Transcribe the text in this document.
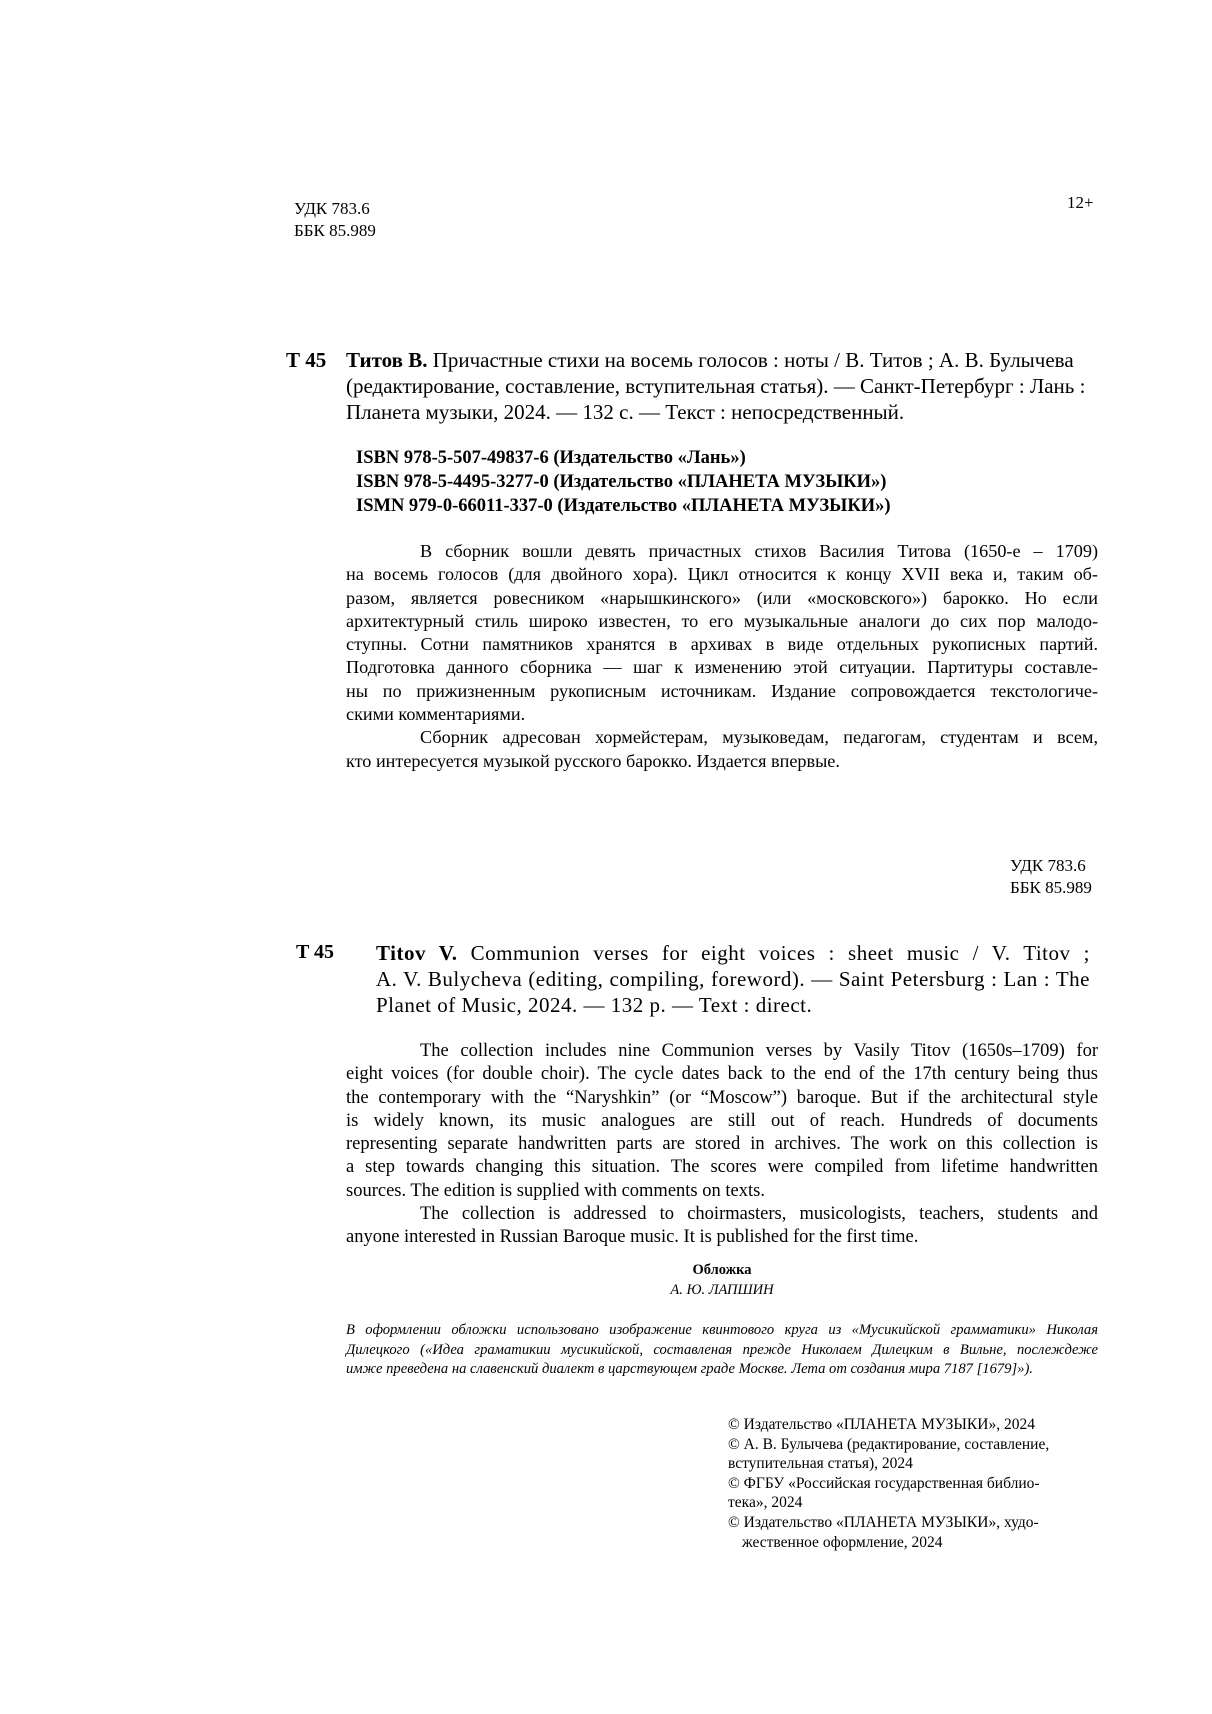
УДК 783.6
ББК 85.989
12+
Т 45 Титов В. Причастные стихи на восемь голосов : ноты / В. Титов ; А. В. Булычева
(редактирование, составление, вступительная статья). — Санкт-Петербург : Лань :
Планета музыки, 2024. — 132 с. — Текст : непосредственный.
ISBN 978-5-507-49837-6 (Издательство «Лань»)
ISBN 978-5-4495-3277-0 (Издательство «ПЛАНЕТА МУЗЫКИ»)
ISMN 979-0-66011-337-0 (Издательство «ПЛАНЕТА МУЗЫКИ»)
В сборник вошли девять причастных стихов Василия Титова (1650-е – 1709)
на восемь голосов (для двойного хора). Цикл относится к концу XVII века и, таким об-
разом, является ровесником «нарышкинского» (или «московского») барокко. Но если
архитектурный стиль широко известен, то его музыкальные аналоги до сих пор малодо-
ступны. Сотни памятников хранятся в архивах в виде отдельных рукописных партий.
Подготовка данного сборника — шаг к изменению этой ситуации. Партитуры составле-
ны по прижизненным рукописным источникам. Издание сопровождается текстологиче-
скими комментариями.
Сборник адресован хормейстерам, музыковедам, педагогам, студентам и всем,
кто интересуется музыкой русского барокко. Издается впервые.
УДК 783.6
ББК 85.989
T 45 Titov V. Communion verses for eight voices : sheet music / V. Titov ;
A. V. Bulycheva (editing, compiling, foreword). — Saint Petersburg : Lan : The
Planet of Music, 2024. — 132 p. — Text : direct.
The collection includes nine Communion verses by Vasily Titov (1650s–1709) for
eight voices (for double choir). The cycle dates back to the end of the 17th century being thus
the contemporary with the “Naryshkin” (or “Moscow”) baroque. But if the architectural style
is widely known, its music analogues are still out of reach. Hundreds of documents
representing separate handwritten parts are stored in archives. The work on this collection is
a step towards changing this situation. The scores were compiled from lifetime handwritten
sources. The edition is supplied with comments on texts.
The collection is addressed to choirmasters, musicologists, teachers, students and
anyone interested in Russian Baroque music. It is published for the first time.
Обложка
А. Ю. ЛАПШИН
В оформлении обложки использовано изображение квинтового круга из «Мусикийской грамматики» Николая
Дилецкого («Идеа граматикии мусикийской, составленая прежде Николаем Дилецким в Вильне, послеждеже
имже преведена на славенский диалект в царствующем граде Москве. Лета от создания мира 7187 [1679]»).
© Издательство «ПЛАНЕТА МУЗЫКИ», 2024
© А. В. Булычева (редактирование, составление,
вступительная статья), 2024
© ФГБУ «Российская государственная библио-
тека», 2024
© Издательство «ПЛАНЕТА МУЗЫКИ», худо-
жественное оформление, 2024
